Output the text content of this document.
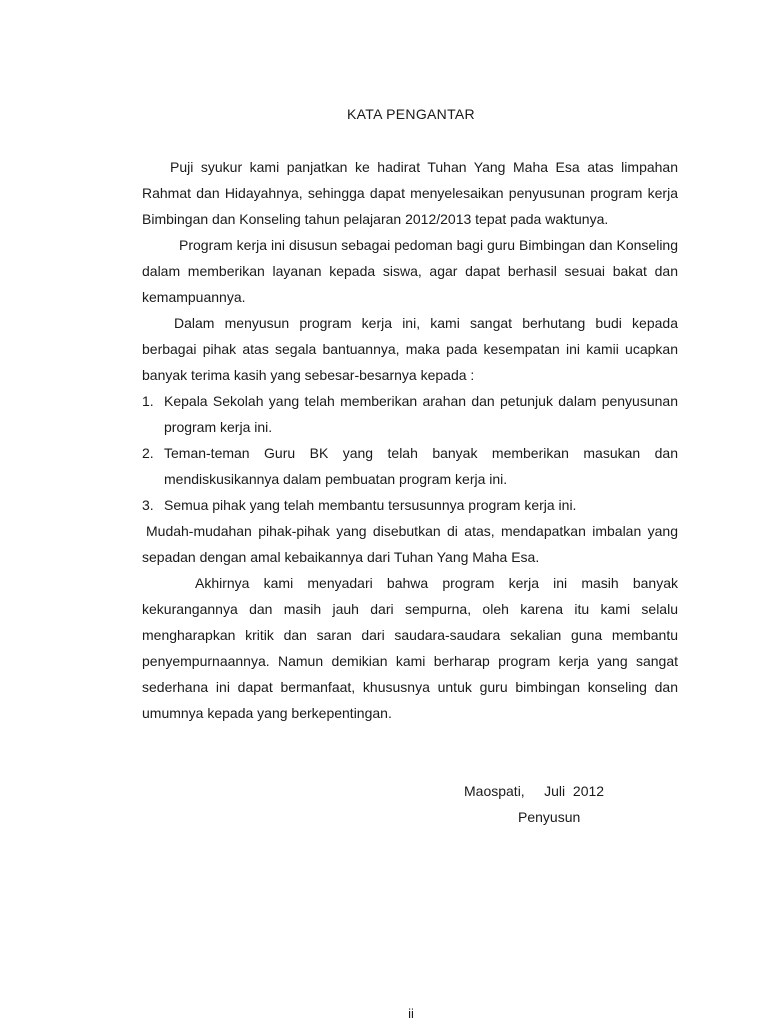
KATA PENGANTAR

Puji syukur kami panjatkan ke hadirat Tuhan Yang Maha Esa atas limpahan Rahmat dan Hidayahnya, sehingga dapat menyelesaikan penyusunan program kerja Bimbingan dan Konseling tahun pelajaran 2012/2013 tepat pada waktunya.

Program kerja ini disusun sebagai pedoman bagi guru Bimbingan dan Konseling dalam memberikan layanan kepada siswa, agar dapat berhasil sesuai bakat dan kemampuannya.

Dalam menyusun program kerja ini, kami sangat berhutang budi kepada berbagai pihak atas segala bantuannya, maka pada kesempatan ini kamii ucapkan banyak terima kasih yang sebesar-besarnya kepada :

1. Kepala Sekolah yang telah memberikan arahan dan petunjuk dalam penyusunan program kerja ini.
2. Teman-teman Guru BK yang telah banyak memberikan masukan dan mendiskusikannya dalam pembuatan program kerja ini.
3. Semua pihak yang telah membantu tersusunnya program kerja ini.

Mudah-mudahan pihak-pihak yang disebutkan di atas, mendapatkan imbalan yang sepadan dengan amal kebaikannya dari Tuhan Yang Maha Esa.

Akhirnya kami menyadari bahwa program kerja ini masih banyak kekurangannya dan masih jauh dari sempurna, oleh karena itu kami selalu mengharapkan kritik dan saran dari saudara-saudara sekalian guna membantu penyempurnaannya. Namun demikian kami berharap program kerja yang sangat sederhana ini dapat bermanfaat, khususnya untuk guru bimbingan konseling dan umumnya kepada yang berkepentingan.

Maospati,     Juli  2012

Penyusun
ii
